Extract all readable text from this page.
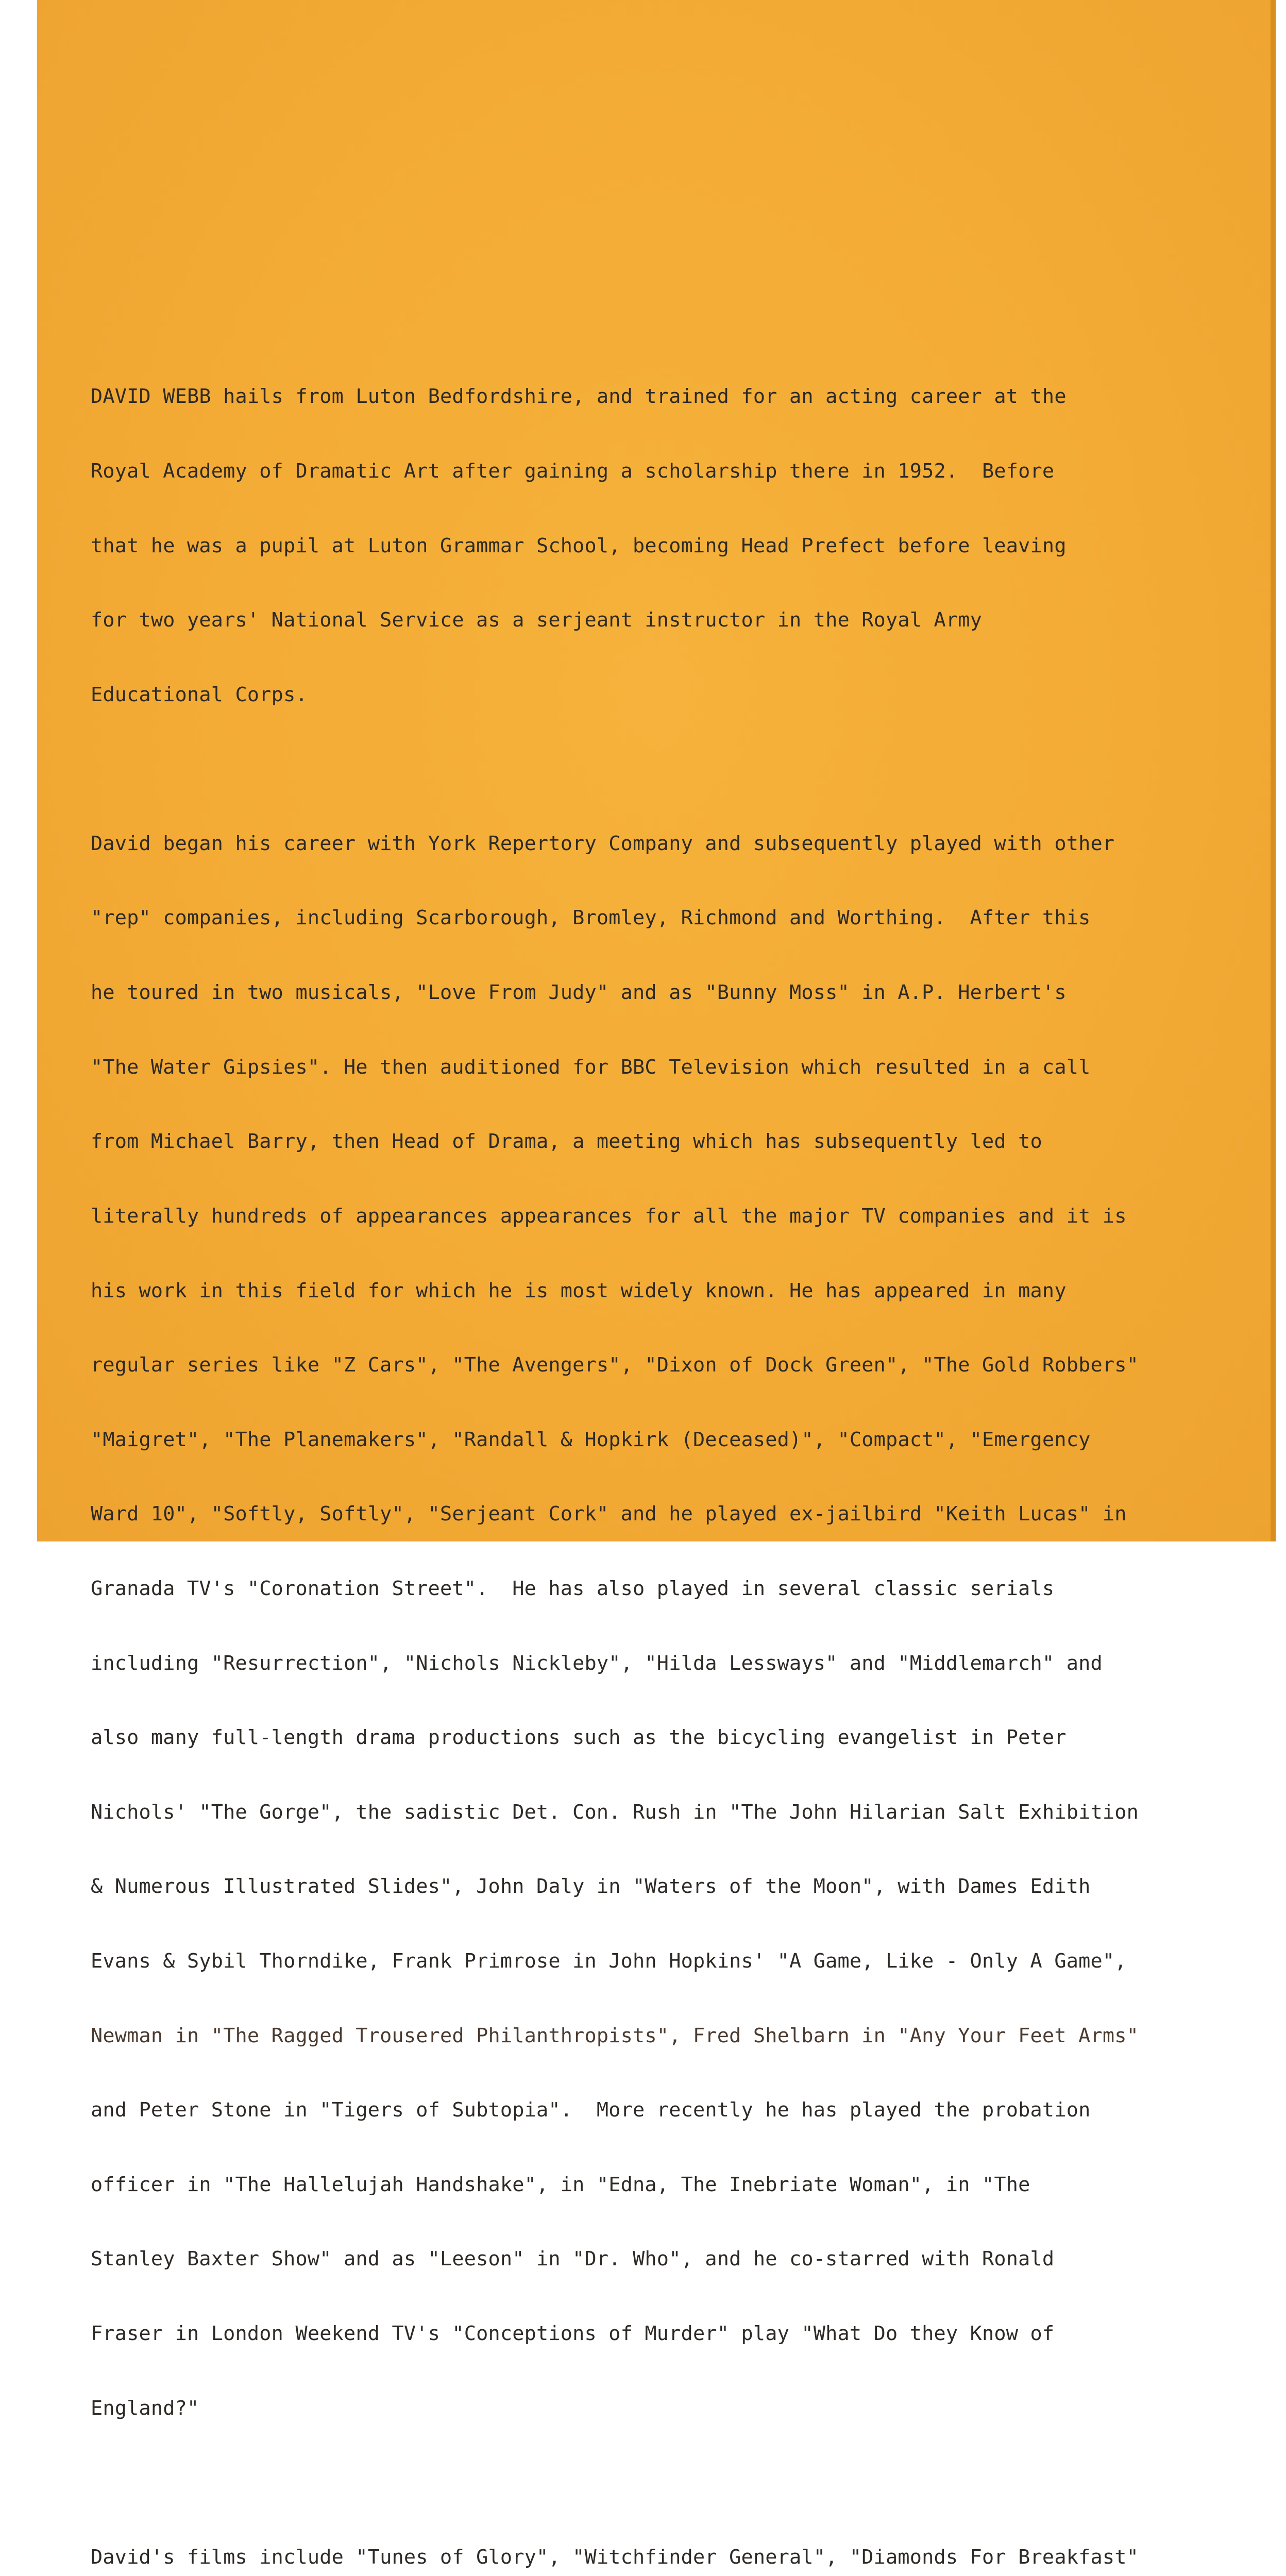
DAVID WEBB hails from Luton Bedfordshire, and trained for an acting career at the

Royal Academy of Dramatic Art after gaining a scholarship there in 1952.  Before

that he was a pupil at Luton Grammar School, becoming Head Prefect before leaving

for two years' National Service as a serjeant instructor in the Royal Army

Educational Corps.

David began his career with York Repertory Company and subsequently played with other

"rep" companies, including Scarborough, Bromley, Richmond and Worthing.  After this

he toured in two musicals, "Love From Judy" and as "Bunny Moss" in A.P. Herbert's

"The Water Gipsies". He then auditioned for BBC Television which resulted in a call

from Michael Barry, then Head of Drama, a meeting which has subsequently led to

literally hundreds of appearances appearances for all the major TV companies and it is

his work in this field for which he is most widely known. He has appeared in many

regular series like "Z Cars", "The Avengers", "Dixon of Dock Green", "The Gold Robbers"

"Maigret", "The Planemakers", "Randall & Hopkirk (Deceased)", "Compact", "Emergency

Ward 10", "Softly, Softly", "Serjeant Cork" and he played ex-jailbird "Keith Lucas" in

Granada TV's "Coronation Street".  He has also played in several classic serials

including "Resurrection", "Nichols Nickleby", "Hilda Lessways" and "Middlemarch" and

also many full-length drama productions such as the bicycling evangelist in Peter

Nichols' "The Gorge", the sadistic Det. Con. Rush in "The John Hilarian Salt Exhibition

& Numerous Illustrated Slides", John Daly in "Waters of the Moon", with Dames Edith

Evans & Sybil Thorndike, Frank Primrose in John Hopkins' "A Game, Like - Only A Game",

Newman in "The Ragged Trousered Philanthropists", Fred Shelbarn in "Any Your Feet Arms"

and Peter Stone in "Tigers of Subtopia".  More recently he has played the probation

officer in "The Hallelujah Handshake", in "Edna, The Inebriate Woman", in "The

Stanley Baxter Show" and as "Leeson" in "Dr. Who", and he co-starred with Ronald

Fraser in London Weekend TV's "Conceptions of Murder" play "What Do they Know of

England?"

David's films include "Tunes of Glory", "Witchfinder General", "Diamonds For Breakfast"
